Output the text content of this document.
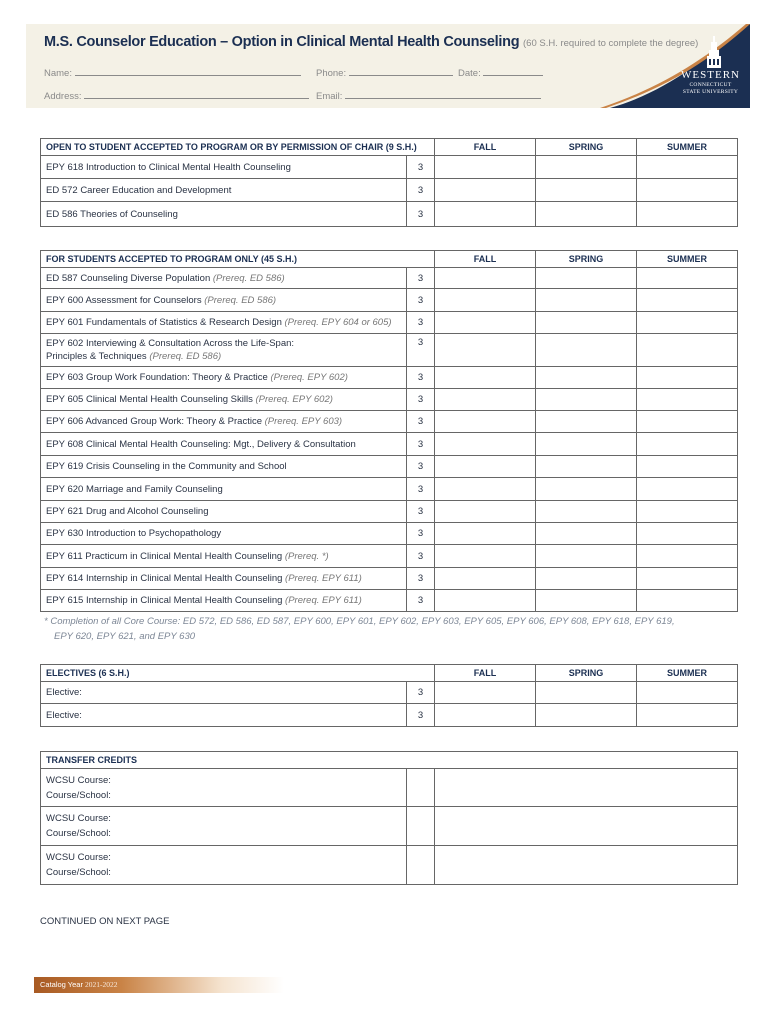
M.S. Counselor Education – Option in Clinical Mental Health Counseling (60 S.H. required to complete the degree)
Name:	Phone:	Date:
Address:	Email:
WESTERN
CONNECTICUT
STATE UNIVERSITY
OPEN TO STUDENT ACCEPTED TO PROGRAM OR BY PERMISSION OF CHAIR (9 S.H.)		FALL	SPRING	SUMMER
EPY 618 Introduction to Clinical Mental Health Counseling	3			
ED 572 Career Education and Development	3			
ED 586 Theories of Counseling	3			
FOR STUDENTS ACCEPTED TO PROGRAM ONLY (45 S.H.)		FALL	SPRING	SUMMER
ED 587 Counseling Diverse Population (Prereq. ED 586)	3			
EPY 600 Assessment for Counselors (Prereq. ED 586)	3			
EPY 601 Fundamentals of Statistics & Research Design (Prereq. EPY 604 or 605)	3			
EPY 602 Interviewing & Consultation Across the Life-Span:
Principles & Techniques (Prereq. ED 586)	3			
EPY 603 Group Work Foundation: Theory & Practice (Prereq. EPY 602)	3			
EPY 605 Clinical Mental Health Counseling Skills (Prereq. EPY 602)	3			
EPY 606 Advanced Group Work: Theory & Practice (Prereq. EPY 603)	3			
EPY 608 Clinical Mental Health Counseling: Mgt., Delivery & Consultation	3			
EPY 619 Crisis Counseling in the Community and School	3			
EPY 620 Marriage and Family Counseling	3			
EPY 621 Drug and Alcohol Counseling	3			
EPY 630 Introduction to Psychopathology	3			
EPY 611 Practicum in Clinical Mental Health Counseling (Prereq. *)	3			
EPY 614 Internship in Clinical Mental Health Counseling (Prereq. EPY 611)	3			
EPY 615 Internship in Clinical Mental Health Counseling (Prereq. EPY 611)	3			
* Completion of all Core Course: ED 572, ED 586, ED 587, EPY 600, EPY 601, EPY 602, EPY 603, EPY 605, EPY 606, EPY 608, EPY 618, EPY 619,
EPY 620, EPY 621, and EPY 630
ELECTIVES (6 S.H.)		FALL	SPRING	SUMMER
Elective:	3			
Elective:	3			
TRANSFER CREDITS		

WCSU Course:
Course/School:		

WCSU Course:
Course/School:		

WCSU Course:
Course/School:		

CONTINUED ON NEXT PAGE
Catalog Year 2021-2022
